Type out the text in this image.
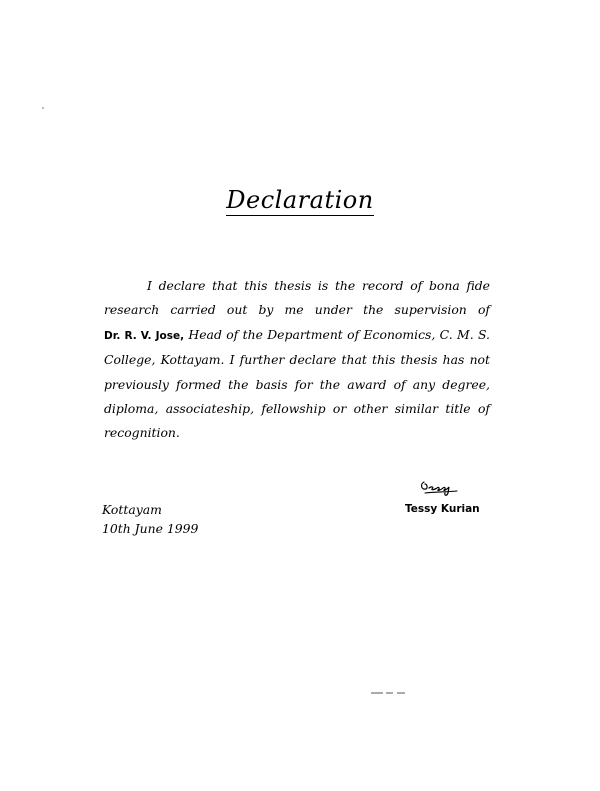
Declaration
I declare that this thesis is the record of bona fide
research carried out by me under the supervision of
Dr. R. V. Jose, Head of the Department of Economics, C. M. S.
College, Kottayam. I further declare that this thesis has not
previously formed the basis for the award of any degree,
diploma, associateship, fellowship or other similar title of
recognition.
Kottayam
10th June 1999
Tessy Kurian
